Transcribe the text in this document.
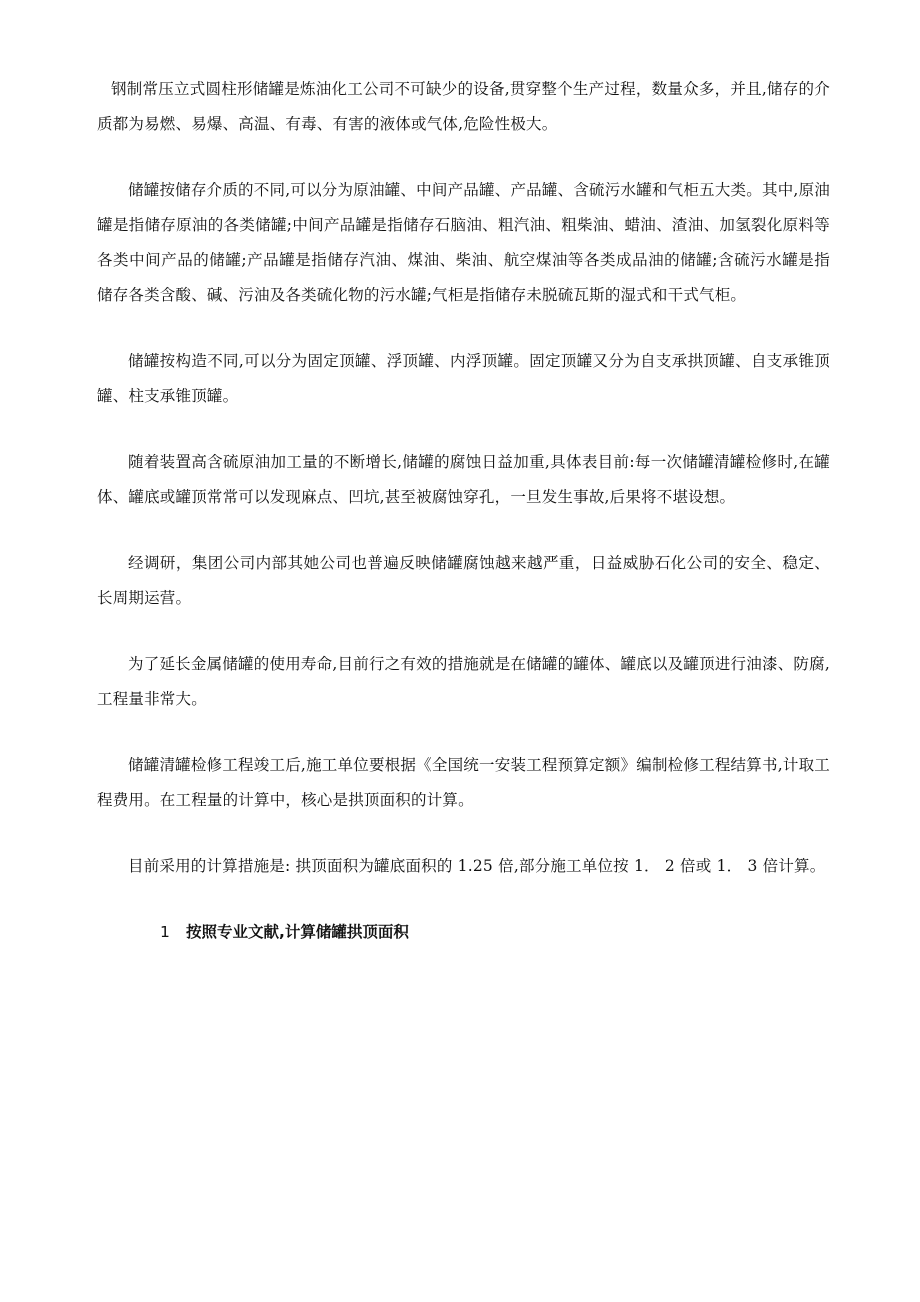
钢制常压立式圆柱形储罐是炼油化工公司不可缺少的设备,贯穿整个生产过程，数量众多，并且,储存的介质都为易燃、易爆、高温、有毒、有害的液体或气体,危险性极大。

储罐按储存介质的不同,可以分为原油罐、中间产品罐、产品罐、含硫污水罐和气柜五大类。其中,原油罐是指储存原油的各类储罐;中间产品罐是指储存石脑油、粗汽油、粗柴油、蜡油、渣油、加氢裂化原料等各类中间产品的储罐;产品罐是指储存汽油、煤油、柴油、航空煤油等各类成品油的储罐;含硫污水罐是指储存各类含酸、碱、污油及各类硫化物的污水罐;气柜是指储存未脱硫瓦斯的湿式和干式气柜。

储罐按构造不同,可以分为固定顶罐、浮顶罐、内浮顶罐。固定顶罐又分为自支承拱顶罐、自支承锥顶罐、柱支承锥顶罐。

随着装置高含硫原油加工量的不断增长,储罐的腐蚀日益加重,具体表目前:每一次储罐清罐检修时,在罐体、罐底或罐顶常常可以发现麻点、凹坑,甚至被腐蚀穿孔，一旦发生事故,后果将不堪设想。

经调研，集团公司内部其她公司也普遍反映储罐腐蚀越来越严重，日益威胁石化公司的安全、稳定、长周期运营。

为了延长金属储罐的使用寿命,目前行之有效的措施就是在储罐的罐体、罐底以及罐顶进行油漆、防腐,工程量非常大。

储罐清罐检修工程竣工后,施工单位要根据《全国统一安装工程预算定额》编制检修工程结算书,计取工程费用。在工程量的计算中，核心是拱顶面积的计算。

目前采用的计算措施是: 拱顶面积为罐底面积的 1.25 倍,部分施工单位按 1． 2 倍或 1． 3 倍计算。

1 按照专业文献,计算储罐拱顶面积
